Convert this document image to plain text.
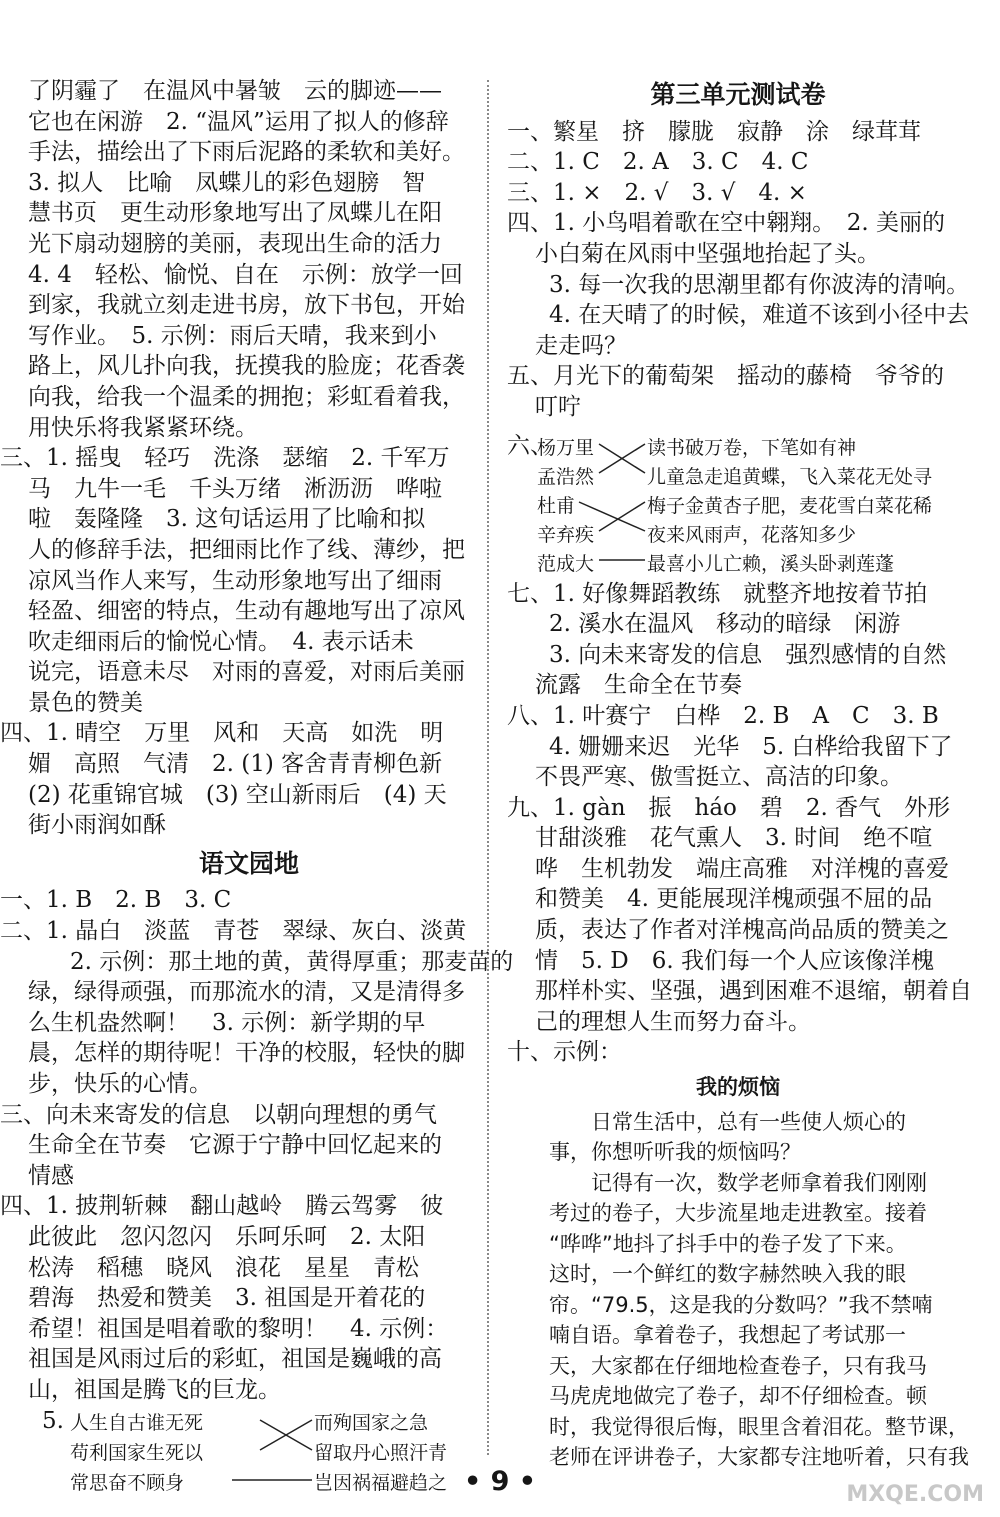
了阴霾了　在温风中暑皱　云的脚迹——
它也在闲游　2. “温风”运用了拟人的修辞
手法，描绘出了下雨后泥路的柔软和美好。
3. 拟人　比喻　凤蝶儿的彩色翅膀　智
慧书页　更生动形象地写出了凤蝶儿在阳
光下扇动翅膀的美丽，表现出生命的活力
4. 4　轻松、愉悦、自在　示例：放学一回
到家，我就立刻走进书房，放下书包，开始
写作业。　5. 示例：雨后天晴，我来到小
路上，风儿扑向我，抚摸我的脸庞；花香袭
向我，给我一个温柔的拥抱；彩虹看着我，
用快乐将我紧紧环绕。
三、1. 摇曳　轻巧　洗涤　瑟缩　2. 千军万
马　九牛一毛　千头万绪　淅沥沥　哗啦
啦　轰隆隆　3. 这句话运用了比喻和拟
人的修辞手法，把细雨比作了线、薄纱，把
凉风当作人来写，生动形象地写出了细雨
轻盈、细密的特点，生动有趣地写出了凉风
吹走细雨后的愉悦心情。　4. 表示话未
说完，语意未尽　对雨的喜爱，对雨后美丽
景色的赞美
四、1. 晴空　万里　风和　天高　如洗　明
媚　高照　气清　2. (1) 客舍青青柳色新
(2) 花重锦官城　(3) 空山新雨后　(4) 天
街小雨润如酥
语文园地
一、1. B　2. B　3. C
二、1. 晶白　淡蓝　青苍　翠绿、灰白、淡黄
2. 示例：那土地的黄，黄得厚重；那麦苗的
绿，绿得顽强，而那流水的清，又是清得多
么生机盎然啊！　3. 示例：新学期的早
晨，怎样的期待呢！干净的校服，轻快的脚
步，快乐的心情。
三、向未来寄发的信息　以朝向理想的勇气
生命全在节奏　它源于宁静中回忆起来的
情感
四、1. 披荆斩棘　翻山越岭　腾云驾雾　彼
此彼此　忽闪忽闪　乐呵乐呵　2. 太阳
松涛　稻穗　晓风　浪花　星星　青松
碧海　热爱和赞美　3. 祖国是开着花的
希望！祖国是唱着歌的黎明！　4. 示例：
祖国是风雨过后的彩虹，祖国是巍峨的高
山，祖国是腾飞的巨龙。
5. 人生自古谁无死
苟利国家生死以
常思奋不顾身
而殉国家之急
留取丹心照汗青
岂因祸福避趋之
第三单元测试卷
一、繁星　挤　朦胧　寂静　涂　绿茸茸
二、1. C　2. A　3. C　4. C
三、1. ×　2. √　3. √　4. ×
四、1. 小鸟唱着歌在空中翱翔。　2. 美丽的
小白菊在风雨中坚强地抬起了头。
3. 每一次我的思潮里都有你波涛的清响。
4. 在天晴了的时候，难道不该到小径中去
走走吗？
五、月光下的葡萄架　摇动的藤椅　爷爷的
叮咛
六、
杨万里
孟浩然
杜甫
辛弃疾
范成大
读书破万卷，下笔如有神
儿童急走追黄蝶，飞入菜花无处寻
梅子金黄杏子肥，麦花雪白菜花稀
夜来风雨声，花落知多少
最喜小儿亡赖，溪头卧剥莲蓬
七、1. 好像舞蹈教练　就整齐地按着节拍
2. 溪水在温风　移动的暗绿　闲游
3. 向未来寄发的信息　强烈感情的自然
流露　生命全在节奏
八、1. 叶赛宁　白桦　2. B　A　C　3. B
4. 姗姗来迟　光华　5. 白桦给我留下了
不畏严寒、傲雪挺立、高洁的印象。
九、1. gàn　振　háo　碧　2. 香气　外形
甘甜淡雅　花气熏人　3. 时间　绝不喧
哗　生机勃发　端庄高雅　对洋槐的喜爱
和赞美　4. 更能展现洋槐顽强不屈的品
质，表达了作者对洋槐高尚品质的赞美之
情　5. D　6. 我们每一个人应该像洋槐
那样朴实、坚强，遇到困难不退缩，朝着自
己的理想人生而努力奋斗。
十、示例：
我的烦恼
日常生活中，总有一些使人烦心的
事，你想听听我的烦恼吗？
记得有一次，数学老师拿着我们刚刚
考过的卷子，大步流星地走进教室。接着
“哗哗”地抖了抖手中的卷子发了下来。
这时，一个鲜红的数字赫然映入我的眼
帘。“79.5，这是我的分数吗？”我不禁喃
喃自语。拿着卷子，我想起了考试那一
天，大家都在仔细地检查卷子，只有我马
马虎虎地做完了卷子，却不仔细检查。顿
时，我觉得很后悔，眼里含着泪花。整节课，
老师在评讲卷子，大家都专注地听着，只有我
• 9 •	MXQE.COM
